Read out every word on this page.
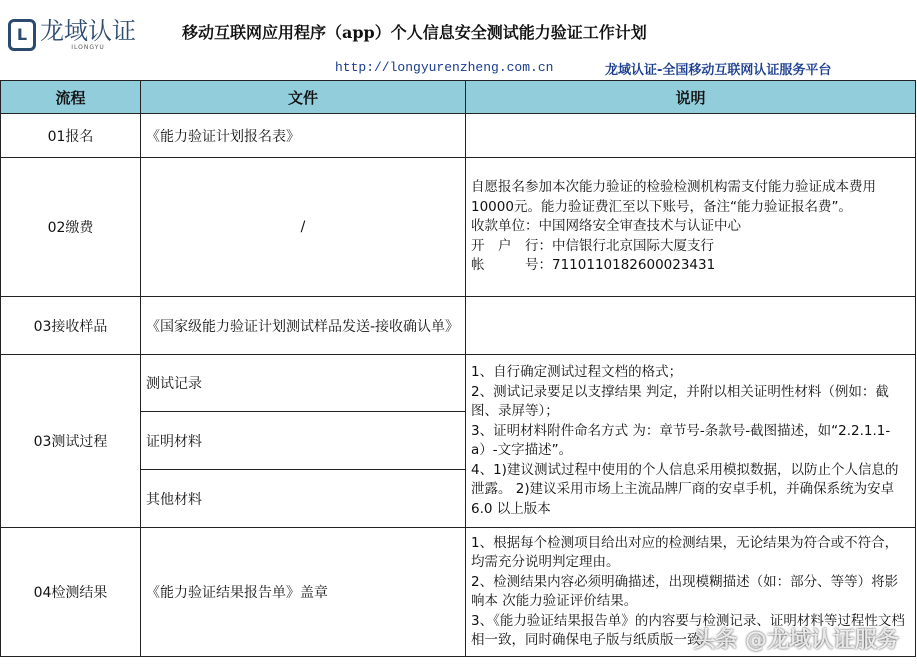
L 龙域认证
ILONGYU
移动互联网应用程序（app）个人信息安全测试能力验证工作计划
http://longyurenzheng.com.cn	龙域认证-全国移动互联网认证服务平台
流程	文件	说明
01报名	《能力验证计划报名表》	
02缴费	/	自愿报名参加本次能力验证的检验检测机构需支付能力验证成本费用10000元。能力验证费汇至以下账号，备注“能力验证报名费”。
收款单位：中国网络安全审查技术与认证中心
开　户　行：中信银行北京国际大厦支行
帐　　　号：7110110182600023431

03接收样品	《国家级能力验证计划测试样品发送-接收确认单》	
03测试过程	测试记录	1、自行确定测试过程文档的格式；
2、测试记录要足以支撑结果 判定，并附以相关证明性材料（例如：截图、录屏等）；
3、证明材料附件命名方式 为：章节号-条款号-截图描述，如“2.2.1.1-a）-文字描述”。
4、1)建议测试过程中使用的个人信息采用模拟数据，以防止个人信息的泄露。 2)建议采用市场上主流品牌厂商的安卓手机，并确保系统为安卓 6.0 以上版本

	证明材料	
	其他材料	
04检测结果	《能力验证结果报告单》盖章	1、根据每个检测项目给出对应的检测结果，无论结果为符合或不符合，均需充分说明判定理由。
2、检测结果内容必须明确描述，出现模糊描述（如：部分、等等）将影响本 次能力验证评价结果。
3、《能力验证结果报告单》的内容要与检测记录、证明材料等过程性文档相一致，同时确保电子版与纸质版一致。
头条 @龙域认证服务
